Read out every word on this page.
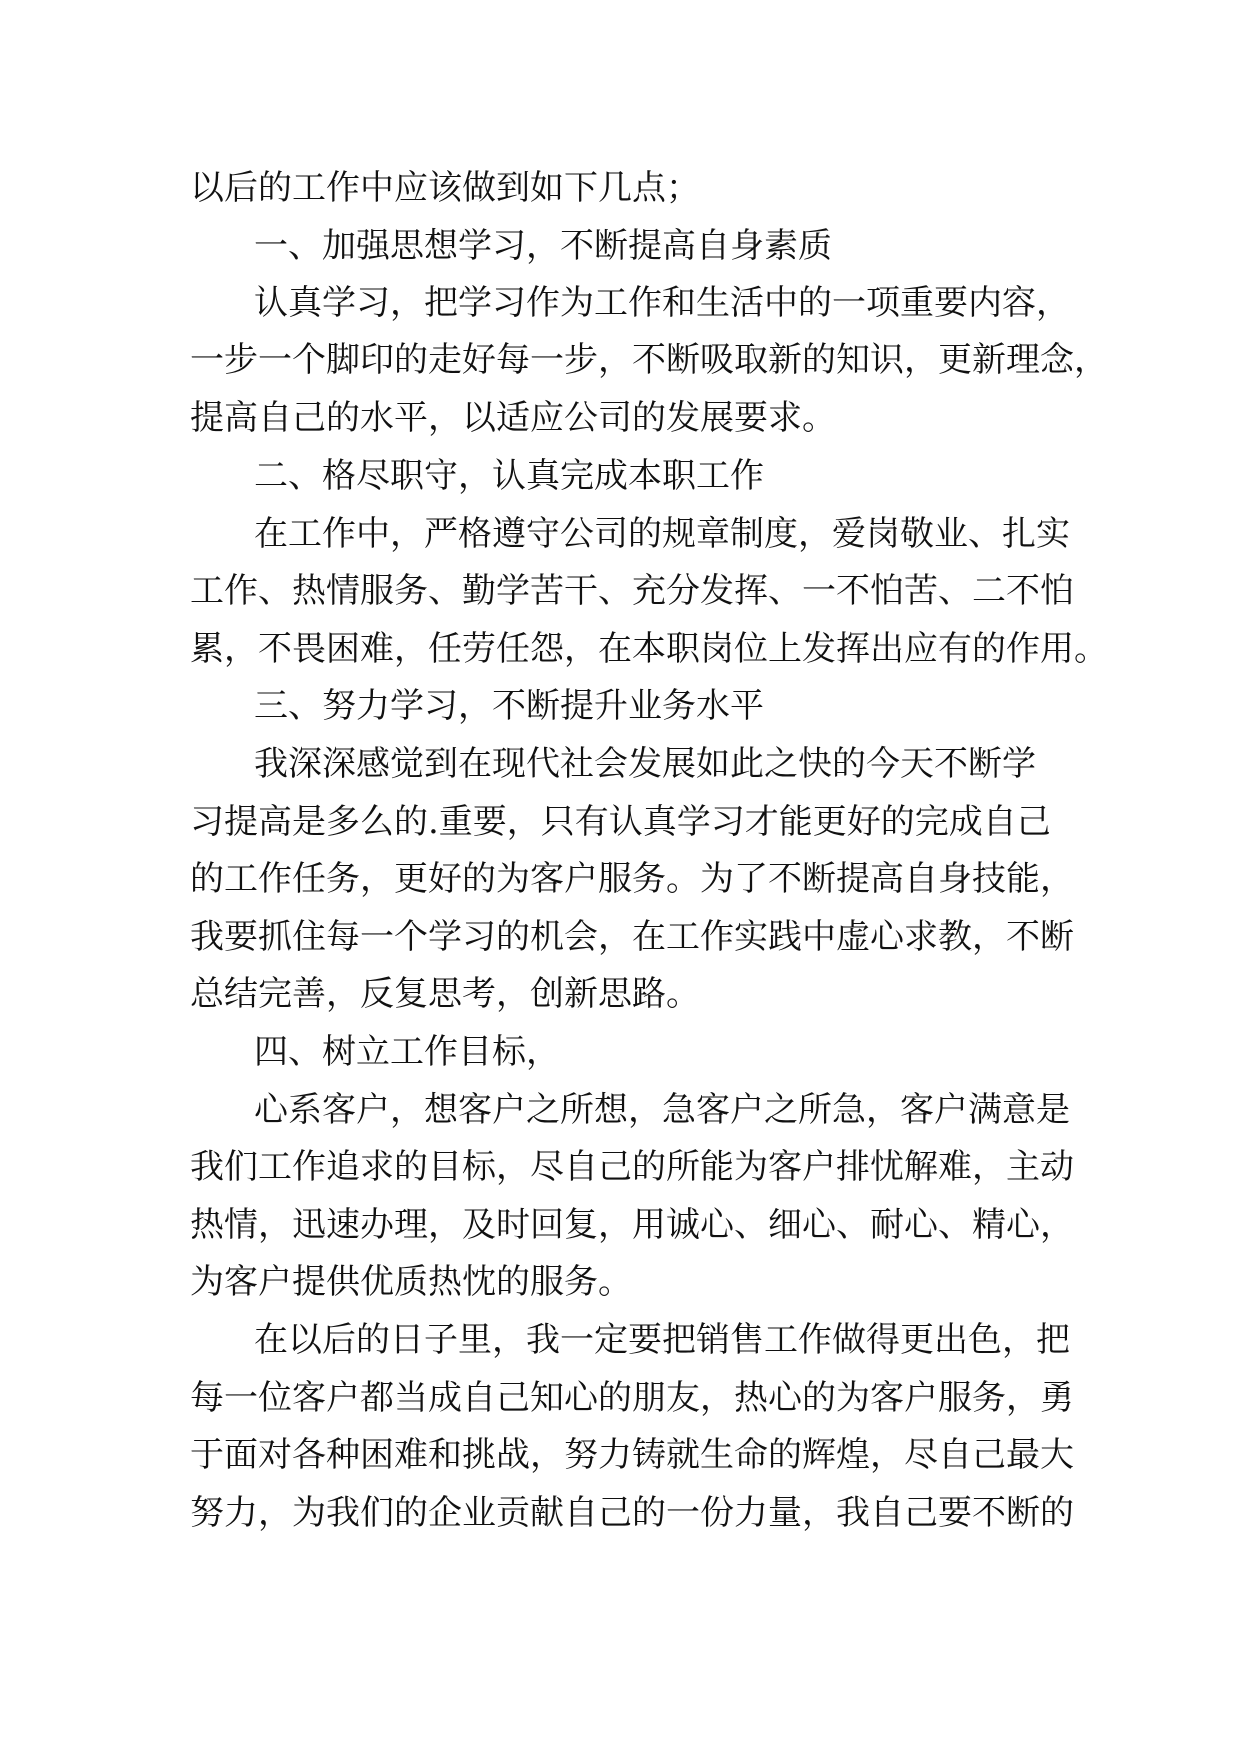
以后的工作中应该做到如下几点；
一、加强思想学习，不断提高自身素质
认真学习，把学习作为工作和生活中的一项重要内容，
一步一个脚印的走好每一步，不断吸取新的知识，更新理念，
提高自己的水平，以适应公司的发展要求。
二、格尽职守，认真完成本职工作
在工作中，严格遵守公司的规章制度，爱岗敬业、扎实
工作、热情服务、勤学苦干、充分发挥、一不怕苦、二不怕
累，不畏困难，任劳任怨，在本职岗位上发挥出应有的作用。
三、努力学习，不断提升业务水平
我深深感觉到在现代社会发展如此之快的今天不断学
习提高是多么的.重要，只有认真学习才能更好的完成自己
的工作任务，更好的为客户服务。为了不断提高自身技能，
我要抓住每一个学习的机会，在工作实践中虚心求教，不断
总结完善，反复思考，创新思路。
四、树立工作目标，
心系客户，想客户之所想，急客户之所急，客户满意是
我们工作追求的目标，尽自己的所能为客户排忧解难，主动
热情，迅速办理，及时回复，用诚心、细心、耐心、精心，
为客户提供优质热忱的服务。
在以后的日子里，我一定要把销售工作做得更出色，把
每一位客户都当成自己知心的朋友，热心的为客户服务，勇
于面对各种困难和挑战，努力铸就生命的辉煌，尽自己最大
努力，为我们的企业贡献自己的一份力量，我自己要不断的
